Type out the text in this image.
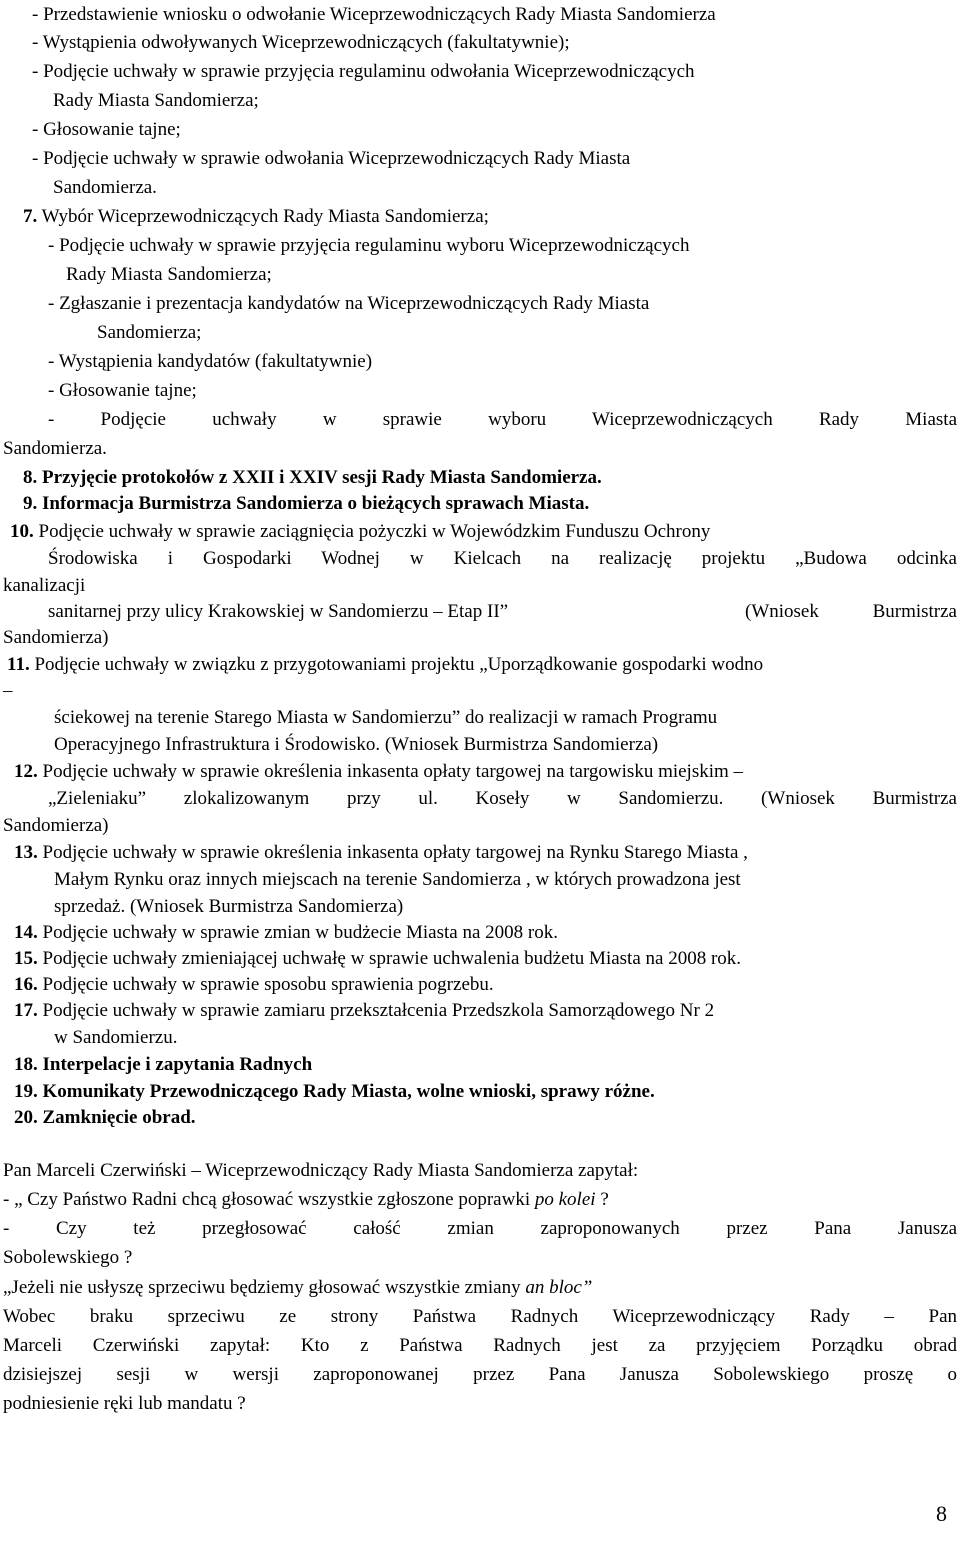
- Przedstawienie wniosku o odwołanie Wiceprzewodniczących Rady Miasta Sandomierza
- Wystąpienia odwoływanych Wiceprzewodniczących (fakultatywnie);
- Podjęcie uchwały w sprawie przyjęcia regulaminu odwołania Wiceprzewodniczących
Rady Miasta Sandomierza;
- Głosowanie tajne;
- Podjęcie uchwały w sprawie odwołania Wiceprzewodniczących Rady Miasta
Sandomierza.
7. Wybór Wiceprzewodniczących Rady Miasta Sandomierza;
- Podjęcie uchwały w sprawie przyjęcia regulaminu wyboru Wiceprzewodniczących
Rady Miasta Sandomierza;
- Zgłaszanie i prezentacja kandydatów na Wiceprzewodniczących Rady Miasta
Sandomierza;
- Wystąpienia kandydatów (fakultatywnie)
- Głosowanie tajne;
- Podjęcie uchwały w sprawie wyboru Wiceprzewodniczących Rady Miasta
Sandomierza.
8. Przyjęcie protokołów z XXII i XXIV sesji Rady Miasta Sandomierza.
9. Informacja Burmistrza Sandomierza o bieżących sprawach Miasta.
10. Podjęcie uchwały w sprawie zaciągnięcia pożyczki w Wojewódzkim Funduszu Ochrony
Środowiska i Gospodarki Wodnej w Kielcach na realizację projektu „Budowa odcinka
kanalizacji
sanitarnej przy ulicy Krakowskiej w Sandomierzu – Etap II”	(Wniosek Burmistrza
Sandomierza)
11. Podjęcie uchwały w związku z przygotowaniami projektu „Uporządkowanie gospodarki wodno
–
ściekowej na terenie Starego Miasta w Sandomierzu” do realizacji w ramach Programu
Operacyjnego Infrastruktura i Środowisko. (Wniosek Burmistrza Sandomierza)
12. Podjęcie uchwały w sprawie określenia inkasenta opłaty targowej na targowisku miejskim –
„Zieleniaku” zlokalizowanym przy ul. Koseły w Sandomierzu. (Wniosek Burmistrza
Sandomierza)
13. Podjęcie uchwały w sprawie określenia inkasenta opłaty targowej na Rynku Starego Miasta ,
Małym Rynku oraz innych miejscach na terenie Sandomierza , w których prowadzona jest
sprzedaż. (Wniosek Burmistrza Sandomierza)
14. Podjęcie uchwały w sprawie zmian w budżecie Miasta na 2008 rok.
15. Podjęcie uchwały zmieniającej uchwałę w sprawie uchwalenia budżetu Miasta na 2008 rok.
16. Podjęcie uchwały w sprawie sposobu sprawienia pogrzebu.
17. Podjęcie uchwały w sprawie zamiaru przekształcenia Przedszkola Samorządowego Nr 2
w Sandomierzu.
18. Interpelacje i zapytania Radnych
19. Komunikaty Przewodniczącego Rady Miasta, wolne wnioski, sprawy różne.
20. Zamknięcie obrad.
Pan Marceli Czerwiński – Wiceprzewodniczący Rady Miasta Sandomierza zapytał:
- „ Czy Państwo Radni chcą głosować wszystkie zgłoszone poprawki po kolei ?
- Czy też przegłosować całość zmian zaproponowanych przez Pana Janusza
Sobolewskiego ?
„Jeżeli nie usłyszę sprzeciwu będziemy głosować wszystkie zmiany an bloc”
Wobec braku sprzeciwu ze strony Państwa Radnych Wiceprzewodniczący Rady – Pan
Marceli Czerwiński zapytał: Kto z Państwa Radnych jest za przyjęciem Porządku obrad
dzisiejszej sesji w wersji zaproponowanej przez Pana Janusza Sobolewskiego proszę o
podniesienie ręki lub mandatu ?
8
